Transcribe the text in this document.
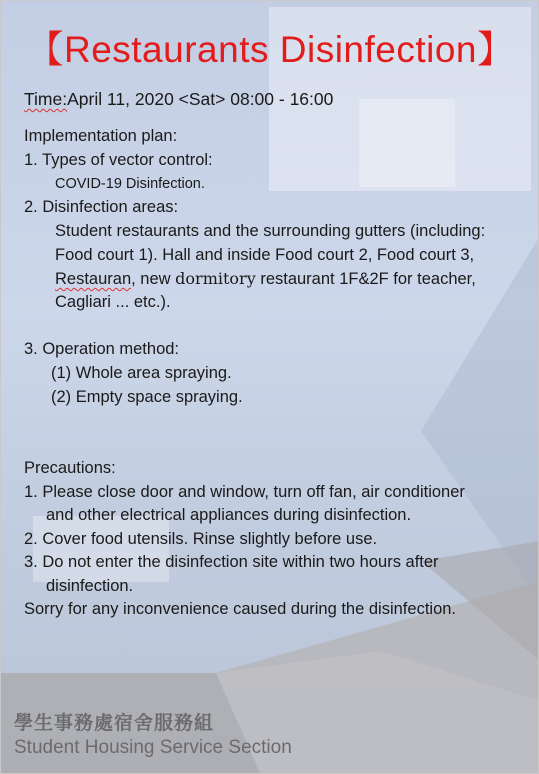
【Restaurants Disinfection】
Time:April 11, 2020 <Sat> 08:00 - 16:00
Implementation plan:
1. Types of vector control:
COVID-19 Disinfection.
2. Disinfection areas:
Student restaurants and the surrounding gutters (including:
Food court 1). Hall and inside Food court 2, Food court 3,
Restauran, new dormitory restaurant 1F&2F for teacher,
Cagliari ... etc.).
3. Operation method:
(1) Whole area spraying.
(2) Empty space spraying.
Precautions:
1. Please close door and window, turn off fan, air conditioner
and other electrical appliances during disinfection.
2. Cover food utensils. Rinse slightly before use.
3. Do not enter the disinfection site within two hours after
disinfection.
Sorry for any inconvenience caused during the disinfection.
學生事務處宿舍服務組
Student Housing Service Section
